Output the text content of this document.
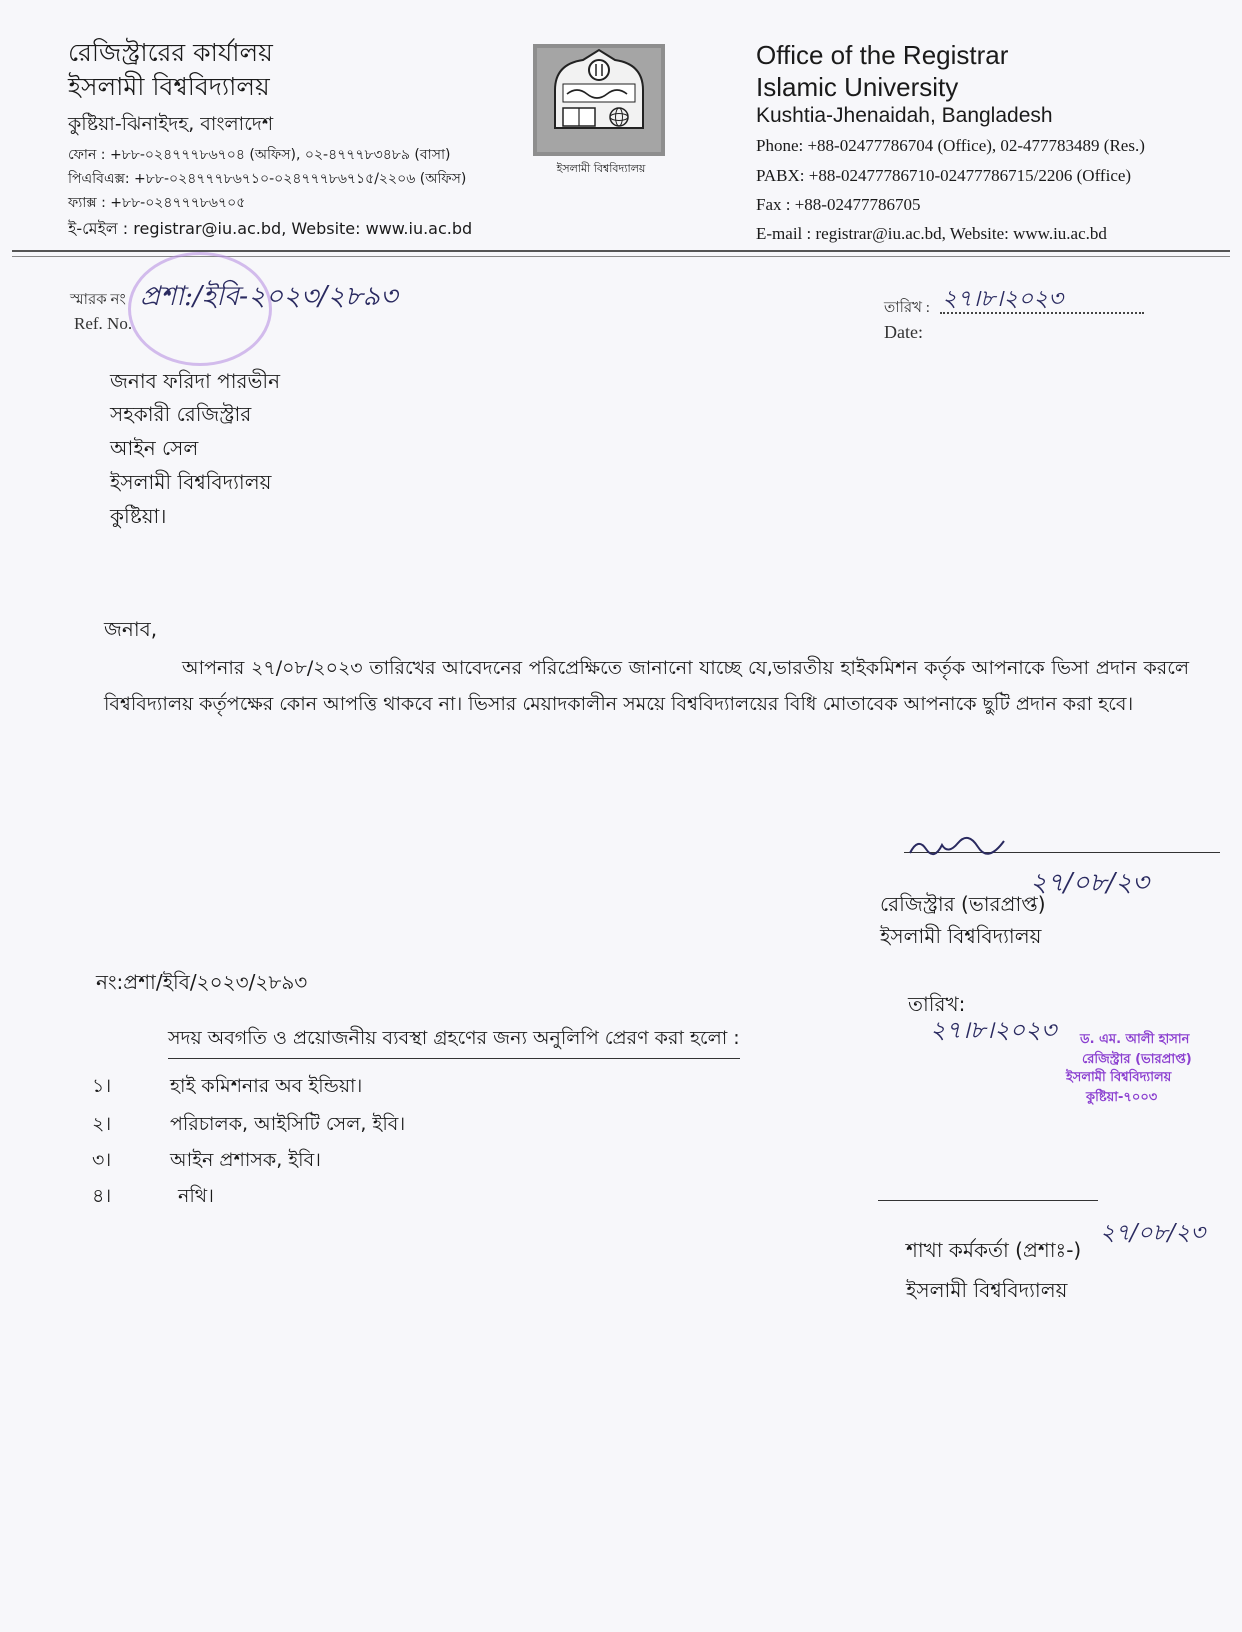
রেজিস্ট্রারের কার্যালয়
ইসলামী বিশ্ববিদ্যালয়
কুষ্টিয়া-ঝিনাইদহ, বাংলাদেশ
ফোন : +৮৮-০২৪৭৭৭৮৬৭০৪ (অফিস), ০২-৪৭৭৭৮৩৪৮৯ (বাসা)
পিএবিএক্স: +৮৮-০২৪৭৭৭৮৬৭১০-০২৪৭৭৭৮৬৭১৫/২২০৬ (অফিস)
ফ্যাক্স : +৮৮-০২৪৭৭৭৮৬৭০৫
ই-মেইল : registrar@iu.ac.bd, Website: www.iu.ac.bd
ইসলামী বিশ্ববিদ্যালয়
Office of the Registrar
Islamic University
Kushtia-Jhenaidah, Bangladesh
Phone: +88-02477786704 (Office), 02-477783489 (Res.)
PABX: +88-02477786710-02477786715/2206 (Office)
Fax : +88-02477786705
E-mail : registrar@iu.ac.bd, Website: www.iu.ac.bd
স্মারক নং
Ref. No.
প্রশা:/ইবি-২০২৩/২৮৯৩	তারিখ : ২৭।৮।২০২৩
Date:
জনাব ফরিদা পারভীন
সহকারী রেজিস্ট্রার
আইন সেল
ইসলামী বিশ্ববিদ্যালয়
কুষ্টিয়া।
জনাব,
আপনার ২৭/০৮/২০২৩ তারিখের আবেদনের পরিপ্রেক্ষিতে জানানো যাচ্ছে যে,ভারতীয় হাইকমিশন কর্তৃক আপনাকে ভিসা প্রদান করলে বিশ্ববিদ্যালয় কর্তৃপক্ষের কোন আপত্তি থাকবে না। ভিসার মেয়াদকালীন সময়ে বিশ্ববিদ্যালয়ের বিধি মোতাবেক আপনাকে ছুটি প্রদান করা হবে।
২৭/০৮/২৩
রেজিস্ট্রার (ভারপ্রাপ্ত)
ইসলামী বিশ্ববিদ্যালয়
তারিখ:
২৭।৮।২০২৩ ড. এম. আলী হাসান
রেজিস্ট্রার (ভারপ্রাপ্ত)
ইসলামী বিশ্ববিদ্যালয়
কুষ্টিয়া-৭০০৩
নং:প্রশা/ইবি/২০২৩/২৮৯৩
সদয় অবগতি ও প্রয়োজনীয় ব্যবস্থা গ্রহণের জন্য অনুলিপি প্রেরণ করা হলো :
১।	হাই কমিশনার অব ইন্ডিয়া।
২।	পরিচালক, আইসিটি সেল, ইবি।
৩।	আইন প্রশাসক, ইবি।
৪।	নথি।
২৭/০৮/২৩
শাখা কর্মকর্তা (প্রশাঃ-)
ইসলামী বিশ্ববিদ্যালয়
